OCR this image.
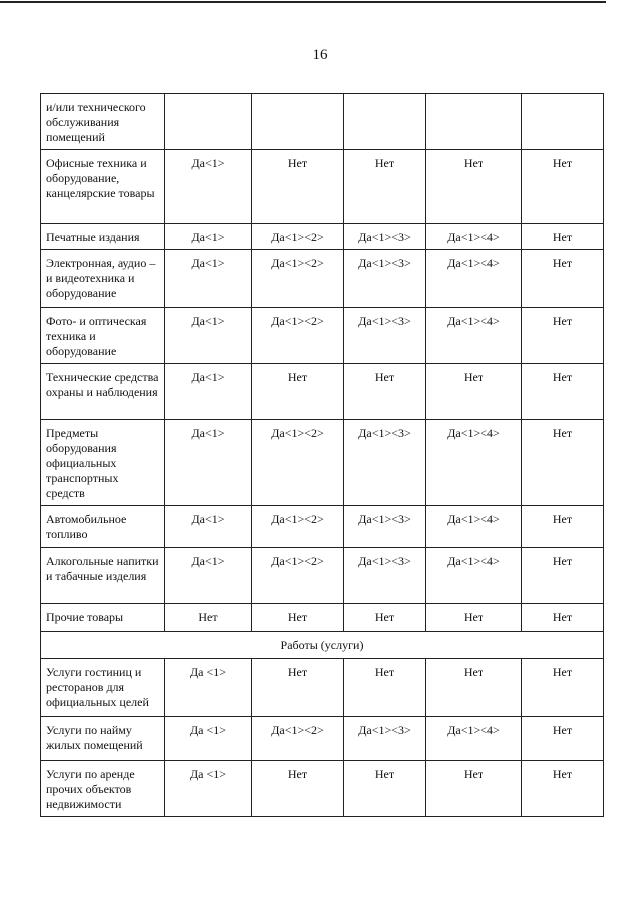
16
и/или технического обслуживания помещений					
Офисные техника и оборудование, канцелярские товары	Да<1>	Нет	Нет	Нет	Нет
Печатные издания	Да<1>	Да<1><2>	Да<1><3>	Да<1><4>	Нет
Электронная, аудио – и видеотехника и оборудование	Да<1>	Да<1><2>	Да<1><3>	Да<1><4>	Нет
Фото- и оптическая техника и оборудование	Да<1>	Да<1><2>	Да<1><3>	Да<1><4>	Нет
Технические средства охраны и наблюдения	Да<1>	Нет	Нет	Нет	Нет
Предметы оборудования официальных транспортных средств	Да<1>	Да<1><2>	Да<1><3>	Да<1><4>	Нет
Автомобильное топливо	Да<1>	Да<1><2>	Да<1><3>	Да<1><4>	Нет
Алкогольные напитки и табачные изделия	Да<1>	Да<1><2>	Да<1><3>	Да<1><4>	Нет
Прочие товары	Нет	Нет	Нет	Нет	Нет
Работы (услуги)					
Услуги гостиниц и ресторанов для официальных целей	Да <1>	Нет	Нет	Нет	Нет
Услуги по найму жилых помещений	Да <1>	Да<1><2>	Да<1><3>	Да<1><4>	Нет
Услуги по аренде прочих объектов недвижимости	Да <1>	Нет	Нет	Нет	Нет
